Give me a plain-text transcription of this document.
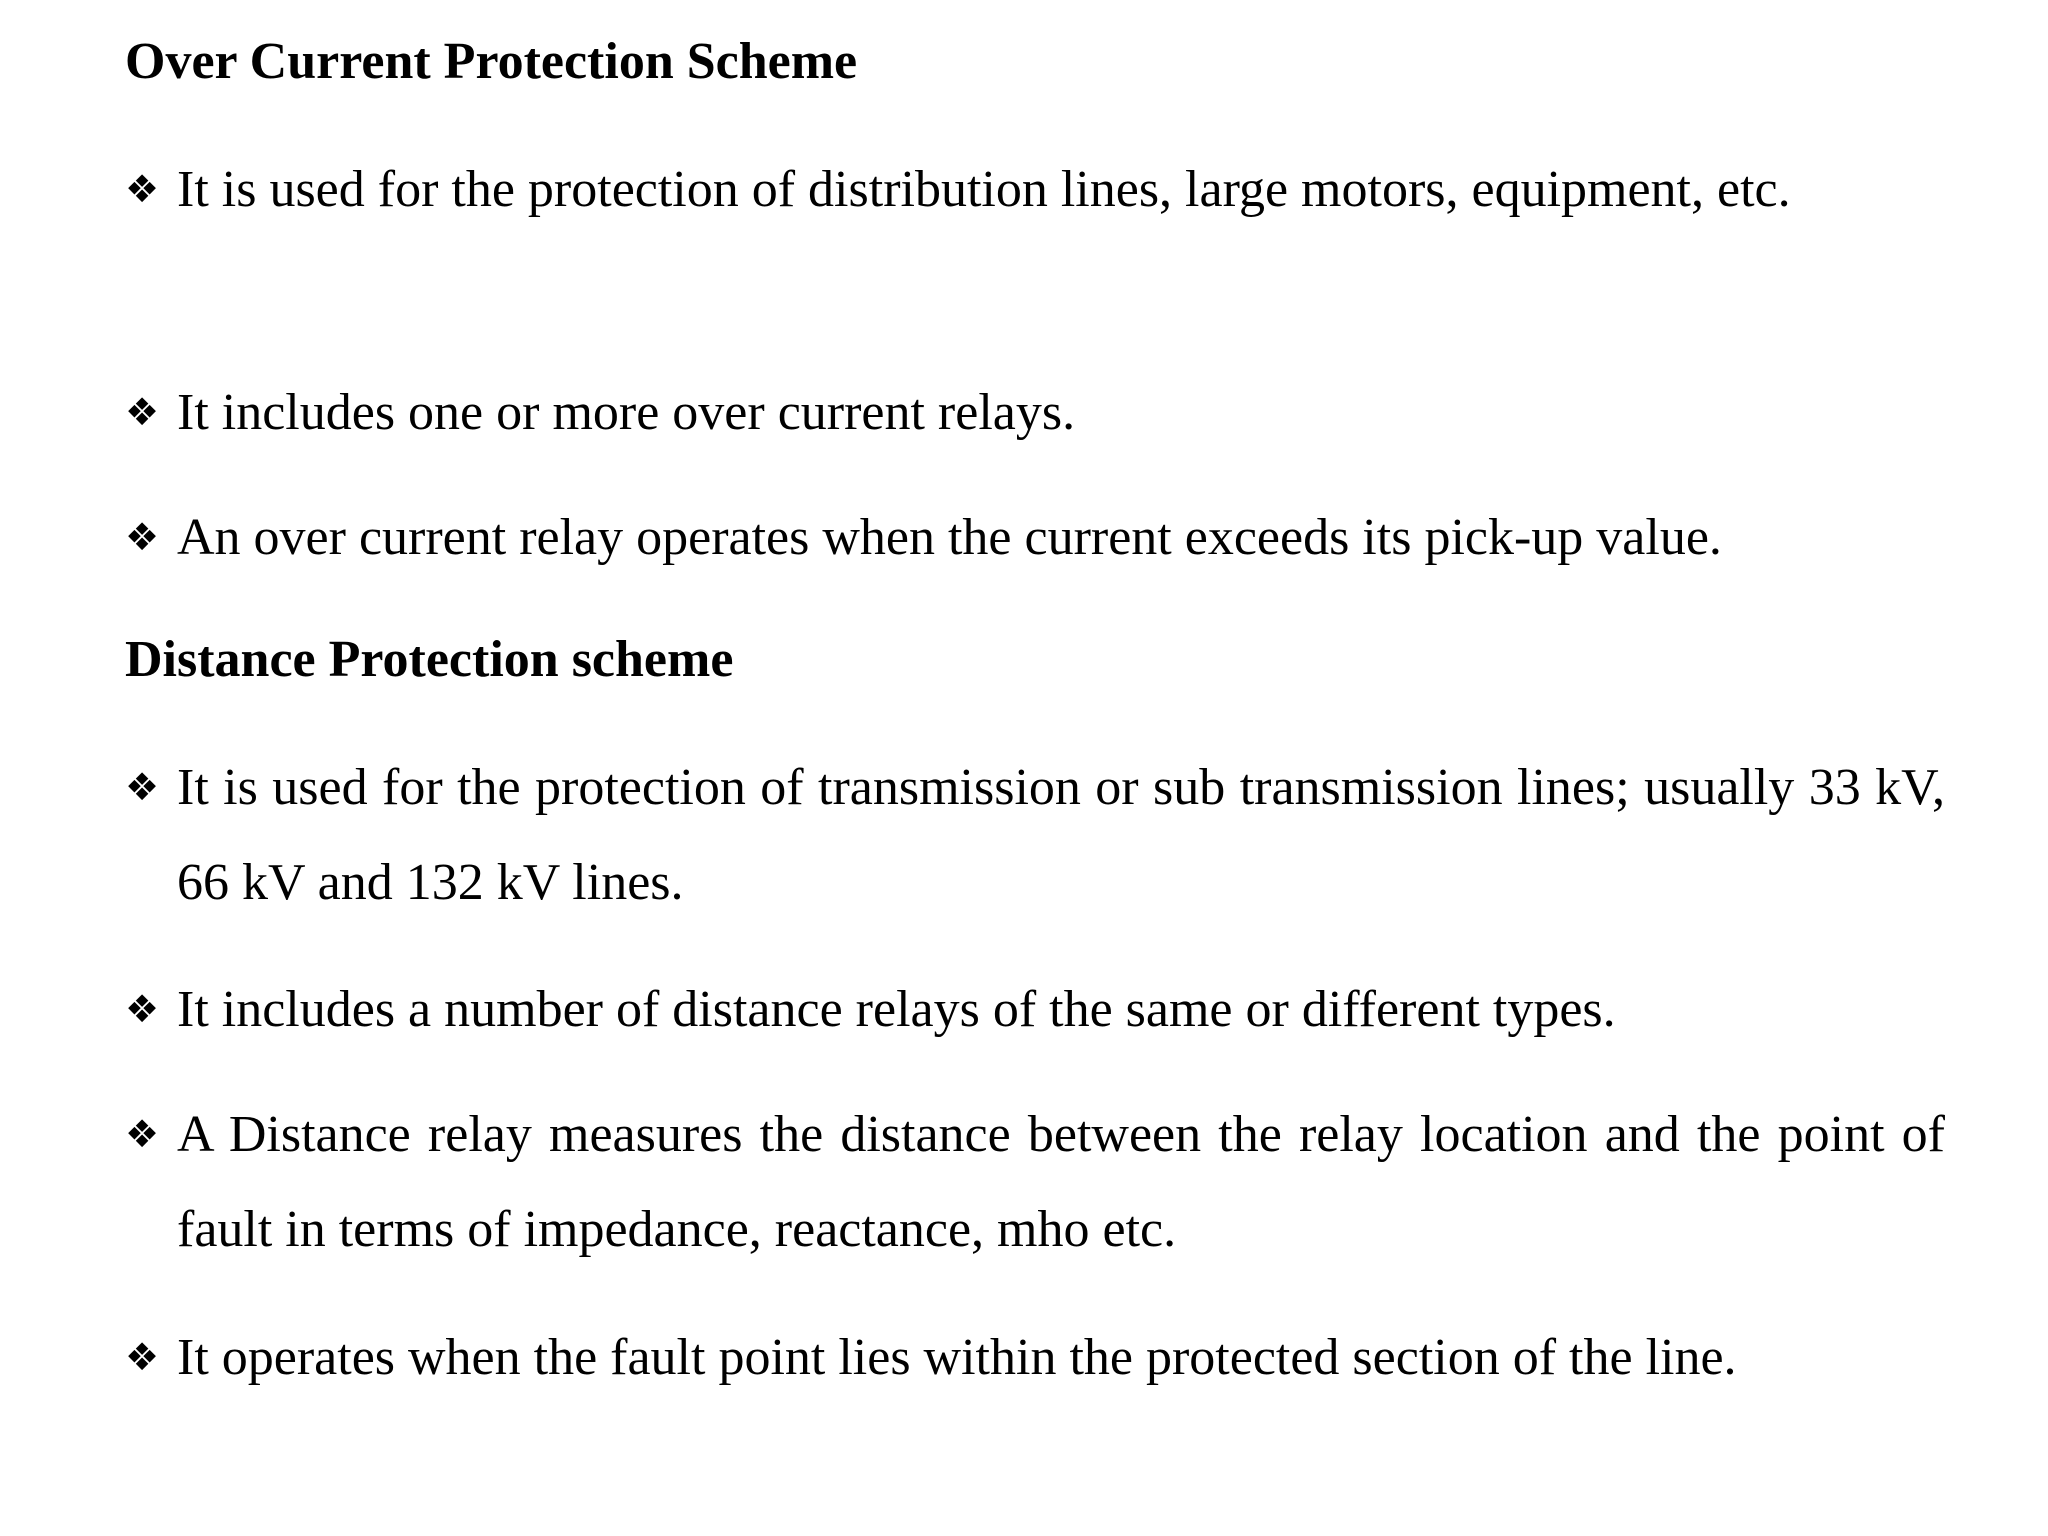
Over Current Protection Scheme
❖ It is used for the protection of distribution lines, large motors, equipment, etc.
❖ It includes one or more over current relays.
❖ An over current relay operates when the current exceeds its pick-up value.
Distance Protection scheme
❖ It is used for the protection of transmission or sub transmission lines; usually 33 kV, 66 kV and 132 kV lines.
❖ It includes a number of distance relays of the same or different types.
❖ A Distance relay measures the distance between the relay location and the point of fault in terms of impedance, reactance, mho etc.
❖ It operates when the fault point lies within the protected section of the line.
